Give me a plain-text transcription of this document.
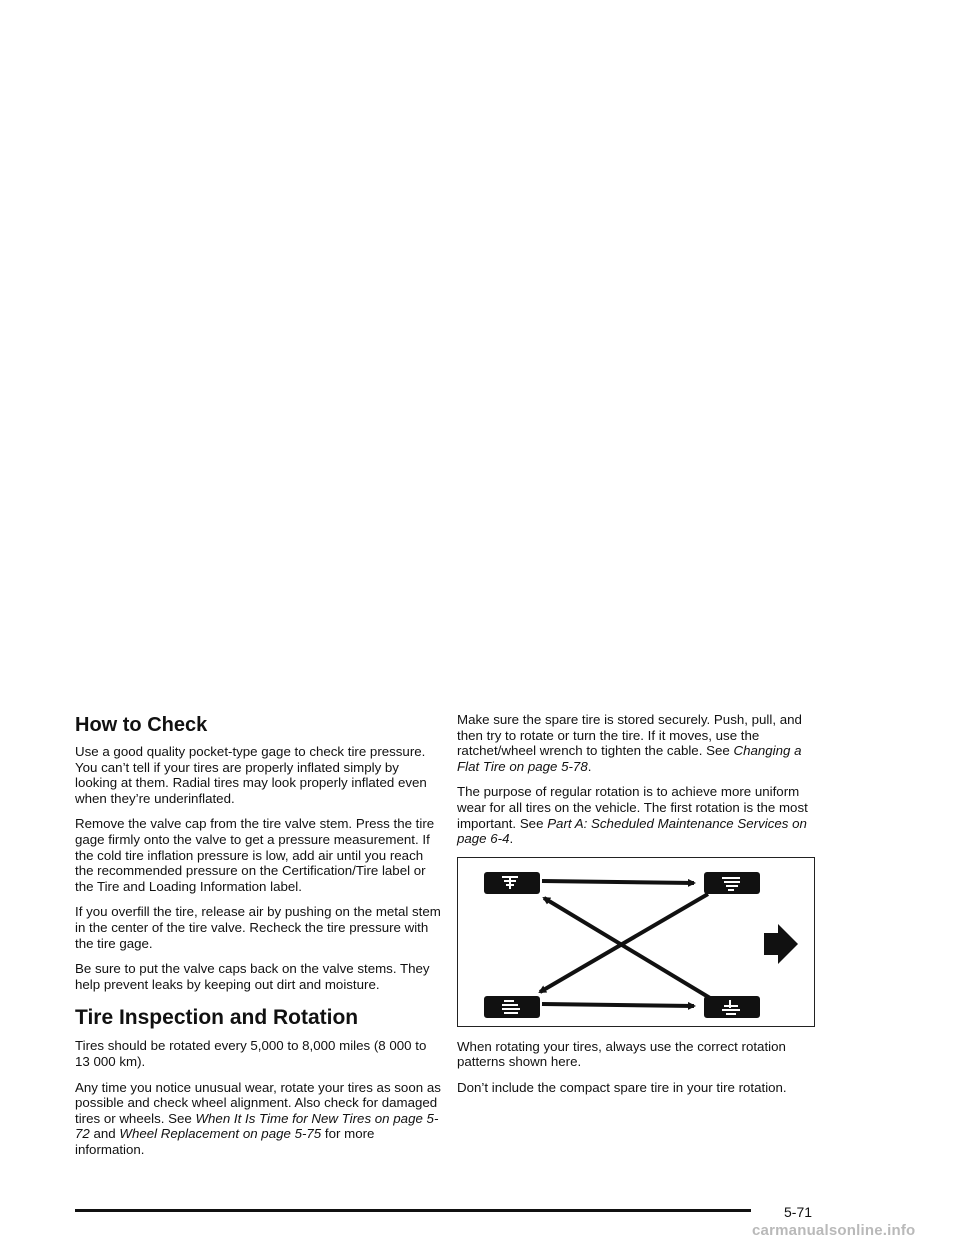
How to Check

Use a good quality pocket-type gage to check tire pressure. You can’t tell if your tires are properly inflated simply by looking at them. Radial tires may look properly inflated even when they’re underinflated.

Remove the valve cap from the tire valve stem. Press the tire gage firmly onto the valve to get a pressure measurement. If the cold tire inflation pressure is low, add air until you reach the recommended pressure on the Certification/Tire label or the Tire and Loading Information label.

If you overfill the tire, release air by pushing on the metal stem in the center of the tire valve. Recheck the tire pressure with the tire gage.

Be sure to put the valve caps back on the valve stems. They help prevent leaks by keeping out dirt and moisture.

Tire Inspection and Rotation

Tires should be rotated every 5,000 to 8,000 miles (8 000 to 13 000 km).

Any time you notice unusual wear, rotate your tires as soon as possible and check wheel alignment. Also check for damaged tires or wheels. See When It Is Time for New Tires on page 5-72 and Wheel Replacement on page 5-75 for more information.

Make sure the spare tire is stored securely. Push, pull, and then try to rotate or turn the tire. If it moves, use the ratchet/wheel wrench to tighten the cable. See Changing a Flat Tire on page 5-78.

The purpose of regular rotation is to achieve more uniform wear for all tires on the vehicle. The first rotation is the most important. See Part A: Scheduled Maintenance Services on page 6-4.

When rotating your tires, always use the correct rotation patterns shown here.

Don’t include the compact spare tire in your tire rotation.

5-71
carmanualsonline.info
